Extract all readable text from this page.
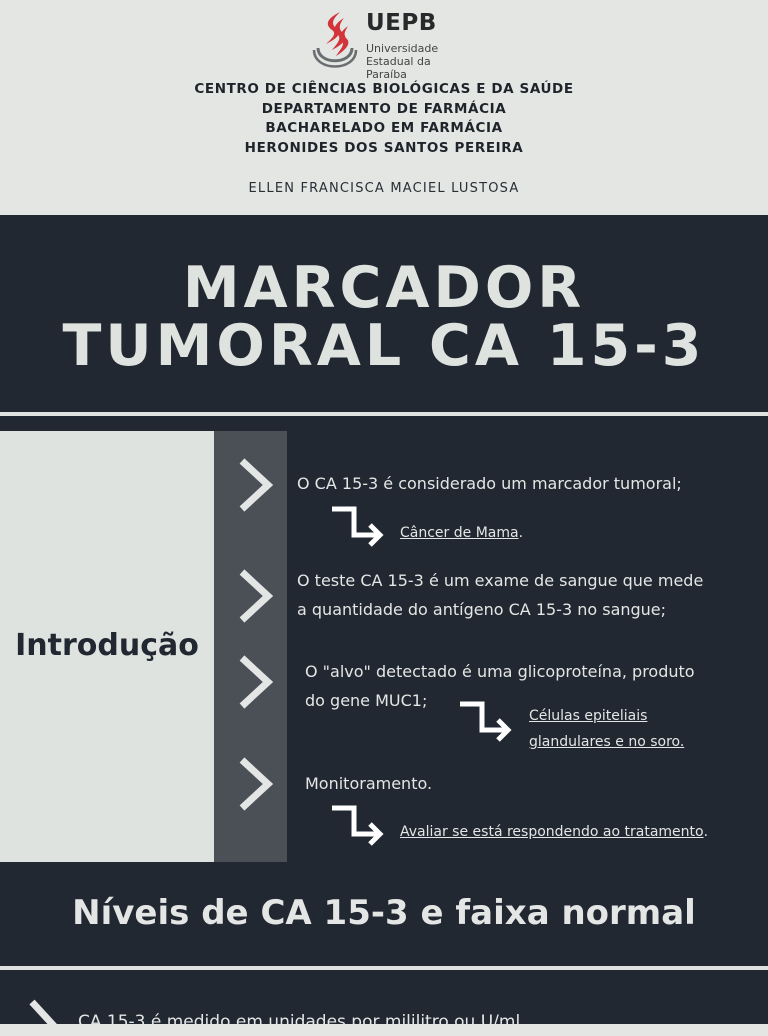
UEPB
Universidade
Estadual da Paraíba
CENTRO DE CIÊNCIAS BIOLÓGICAS E DA SAÚDE
DEPARTAMENTO DE FARMÁCIA
BACHARELADO EM FARMÁCIA
HERONIDES DOS SANTOS PEREIRA
ELLEN FRANCISCA MACIEL LUSTOSA
MARCADOR
TUMORAL CA 15-3
Introdução
O CA 15-3 é considerado um marcador tumoral;
Câncer de Mama.
O teste CA 15-3 é um exame de sangue que mede
a quantidade do antígeno CA 15-3 no sangue;
O "alvo" detectado é uma glicoproteína, produto
do gene MUC1;
Células epiteliais
glandulares e no soro.
Monitoramento.
Avaliar se está respondendo ao tratamento.
Níveis de CA 15-3 e faixa normal
CA 15-3 é medido em unidades por mililitro ou U/ml
